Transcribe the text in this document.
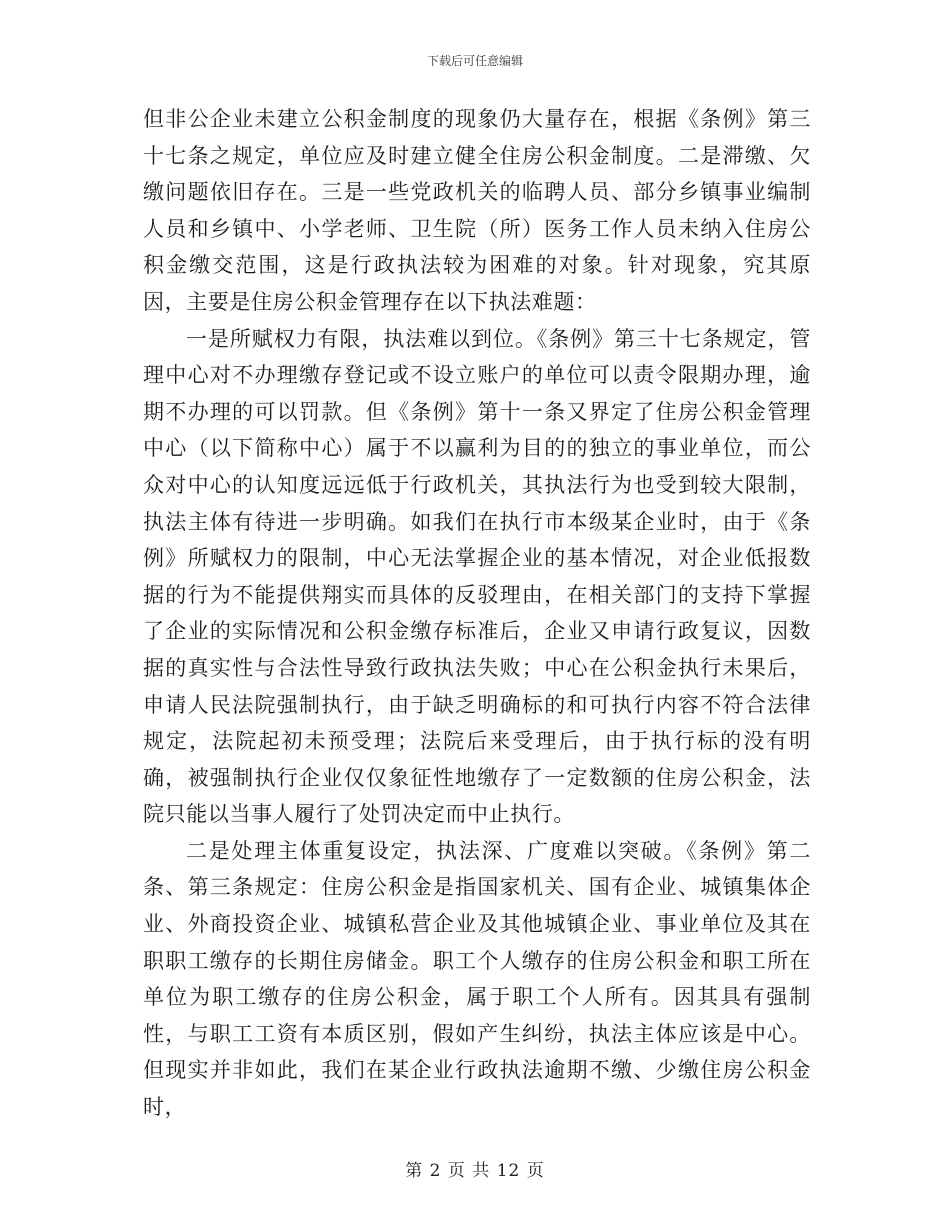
下载后可任意编辑

但非公企业未建立公积金制度的现象仍大量存在，根据《条例》第三十七条之规定，单位应及时建立健全住房公积金制度。二是滞缴、欠缴问题依旧存在。三是一些党政机关的临聘人员、部分乡镇事业编制人员和乡镇中、小学老师、卫生院（所）医务工作人员未纳入住房公积金缴交范围，这是行政执法较为困难的对象。针对现象，究其原因，主要是住房公积金管理存在以下执法难题：

一是所赋权力有限，执法难以到位。《条例》第三十七条规定，管理中心对不办理缴存登记或不设立账户的单位可以责令限期办理，逾期不办理的可以罚款。但《条例》第十一条又界定了住房公积金管理中心（以下简称中心）属于不以赢利为目的的独立的事业单位，而公众对中心的认知度远远低于行政机关，其执法行为也受到较大限制，执法主体有待进一步明确。如我们在执行市本级某企业时，由于《条例》所赋权力的限制，中心无法掌握企业的基本情况，对企业低报数据的行为不能提供翔实而具体的反驳理由，在相关部门的支持下掌握了企业的实际情况和公积金缴存标准后，企业又申请行政复议，因数据的真实性与合法性导致行政执法失败；中心在公积金执行未果后，申请人民法院强制执行，由于缺乏明确标的和可执行内容不符合法律规定，法院起初未预受理；法院后来受理后，由于执行标的没有明确，被强制执行企业仅仅象征性地缴存了一定数额的住房公积金，法院只能以当事人履行了处罚决定而中止执行。

二是处理主体重复设定，执法深、广度难以突破。《条例》第二条、第三条规定：住房公积金是指国家机关、国有企业、城镇集体企业、外商投资企业、城镇私营企业及其他城镇企业、事业单位及其在职职工缴存的长期住房储金。职工个人缴存的住房公积金和职工所在单位为职工缴存的住房公积金，属于职工个人所有。因其具有强制性，与职工工资有本质区别，假如产生纠纷，执法主体应该是中心。但现实并非如此，我们在某企业行政执法逾期不缴、少缴住房公积金时，

第 2 页 共 12 页
